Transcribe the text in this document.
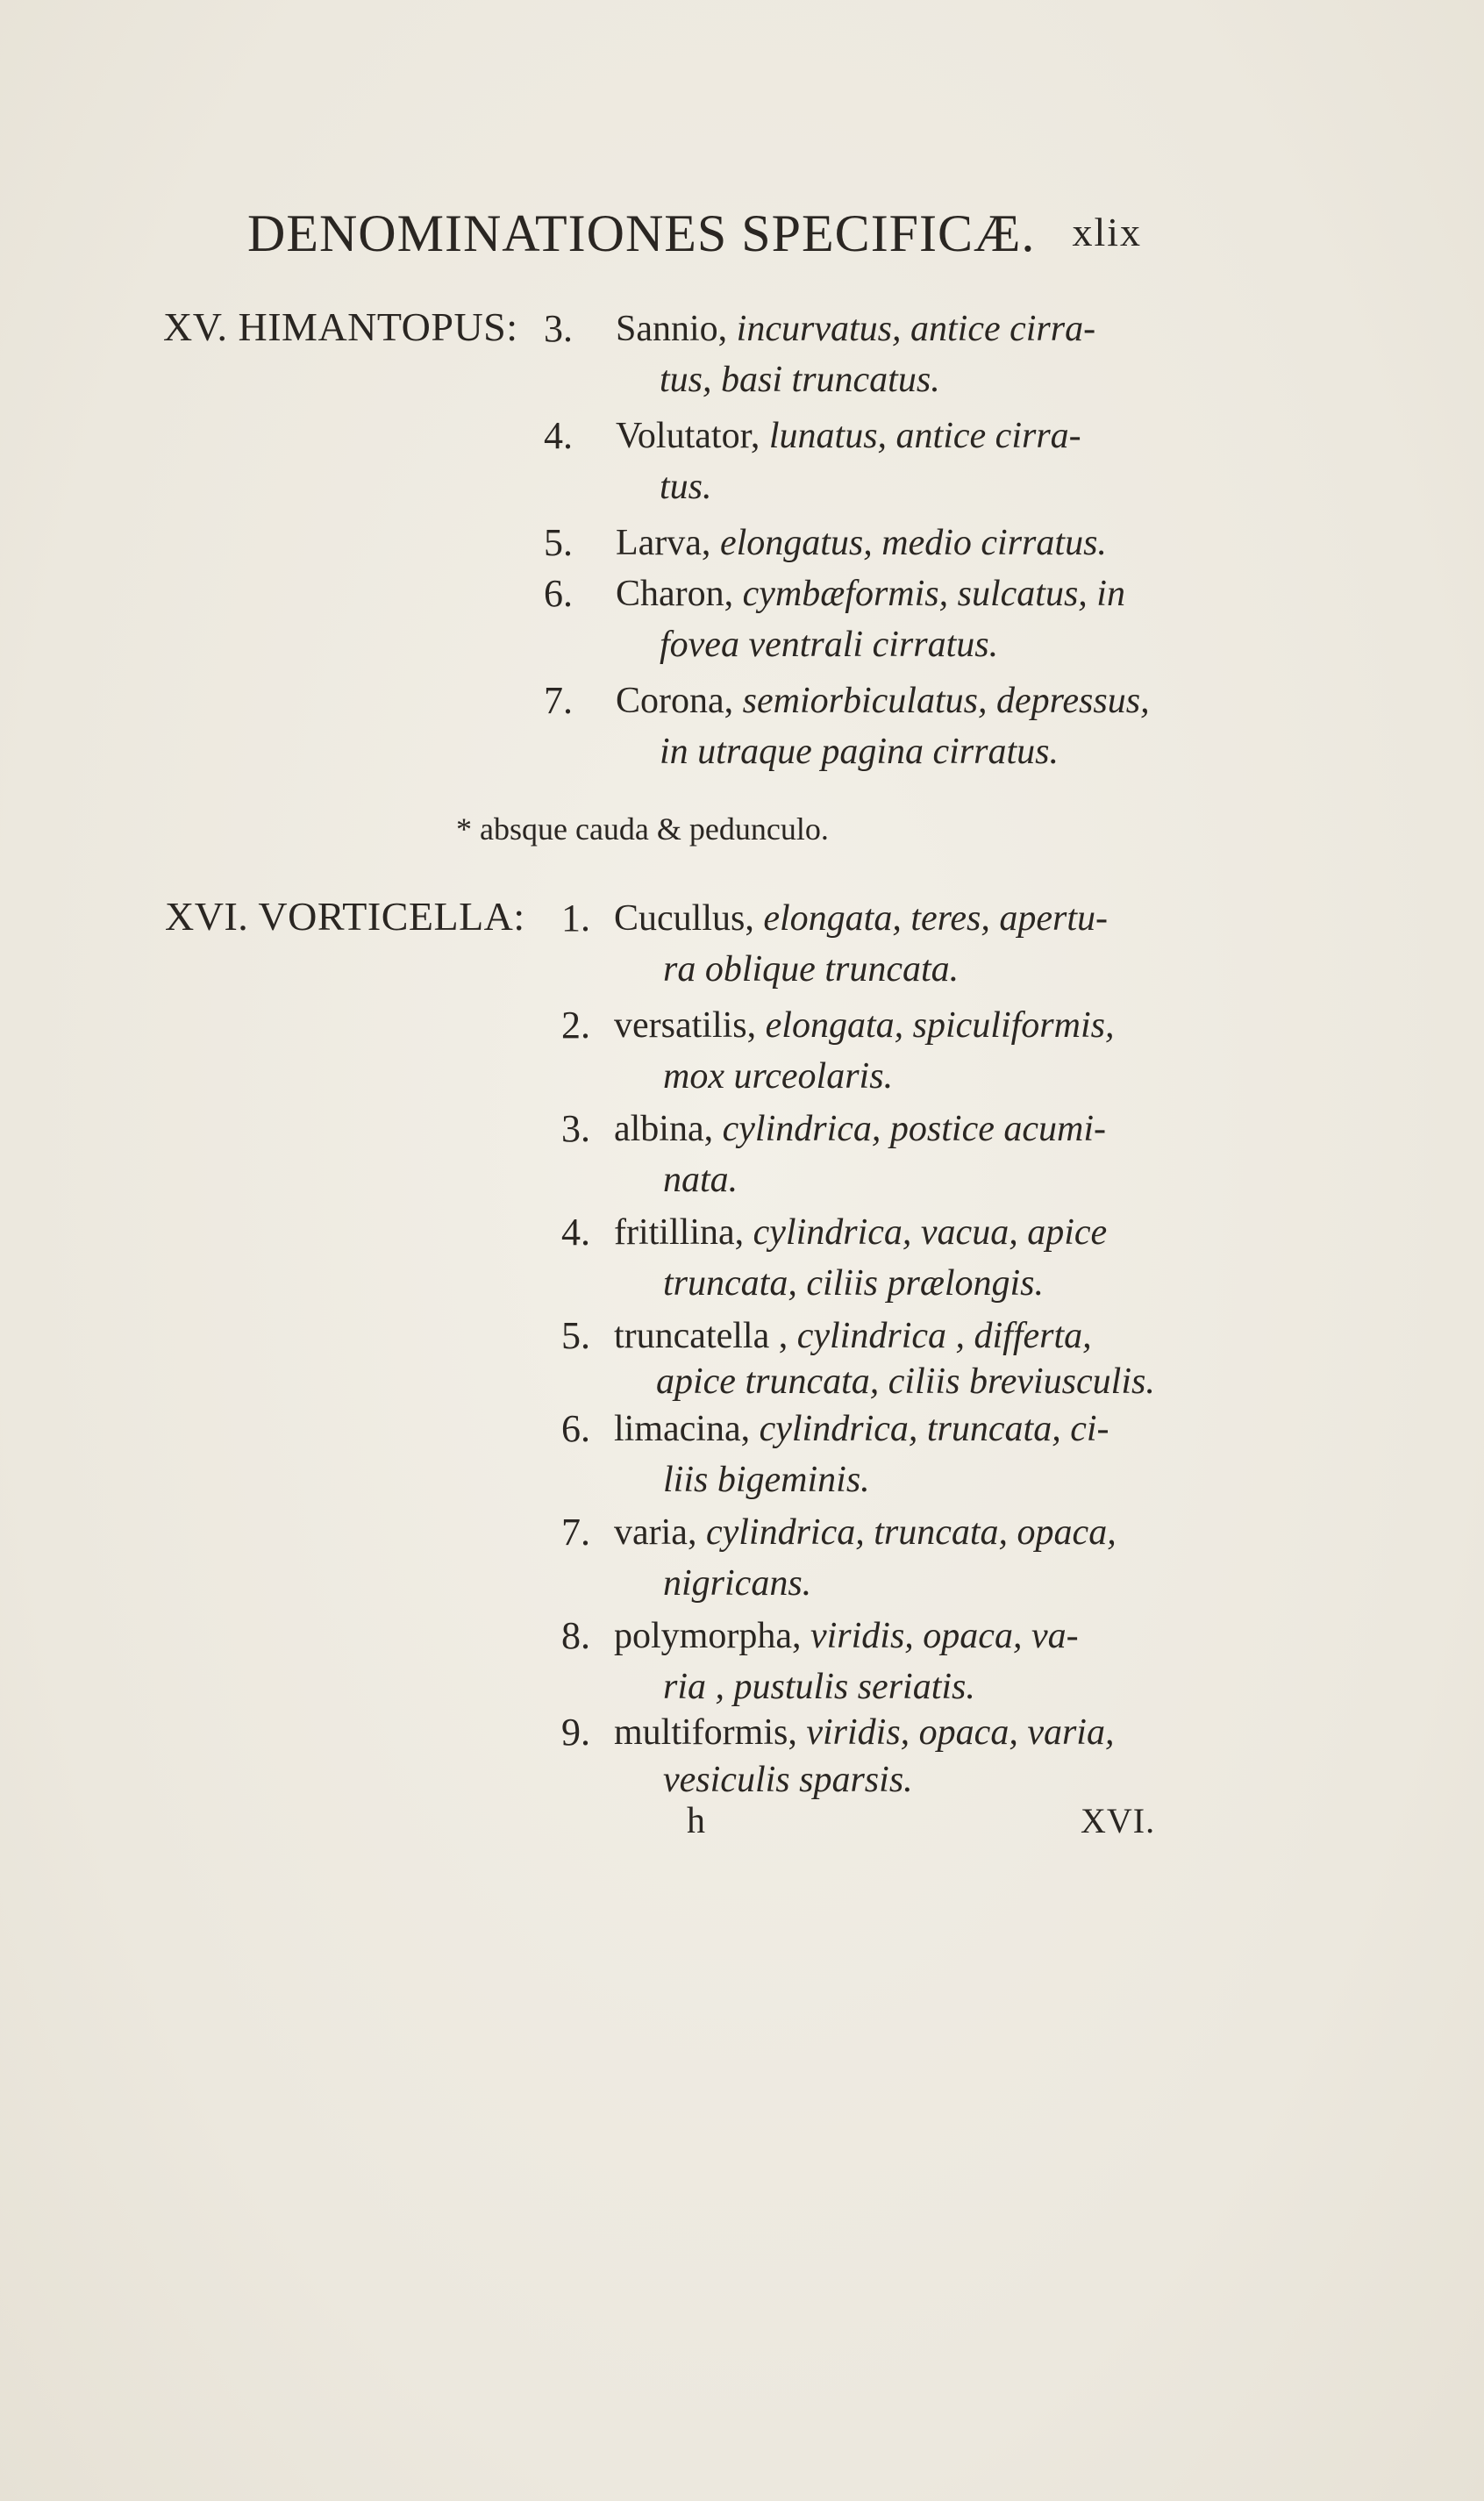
DENOMINATIONES SPECIFICÆ. xlix
XV. HIMANTOPUS: 3.	Sannio, incurvatus, antice cirra-
tus, basi truncatus.
4.	Volutator, lunatus, antice cirra-
tus.
5.	Larva, elongatus, medio cirratus.
6.	Charon, cymbæformis, sulcatus, in
fovea ventrali cirratus.
7.	Corona, semiorbiculatus, depressus,
in utraque pagina cirratus.
* absque cauda & pedunculo.
XVI. VORTICELLA: 1. Cucullus, elongata, teres, apertu-
ra oblique truncata.
2. versatilis, elongata, spiculiformis,
mox urceolaris.
3. albina, cylindrica, postice acumi-
nata.
4. fritillina, cylindrica, vacua, apice
truncata, ciliis prælongis.
5. truncatella , cylindrica , differta,
apice truncata, ciliis breviusculis.
6. limacina, cylindrica, truncata, ci-
liis bigeminis.
7. varia, cylindrica, truncata, opaca,
nigricans.
8. polymorpha, viridis, opaca, va-
ria , pustulis seriatis.
9. multiformis, viridis, opaca, varia,
vesiculis sparsis.
h	XVI.
